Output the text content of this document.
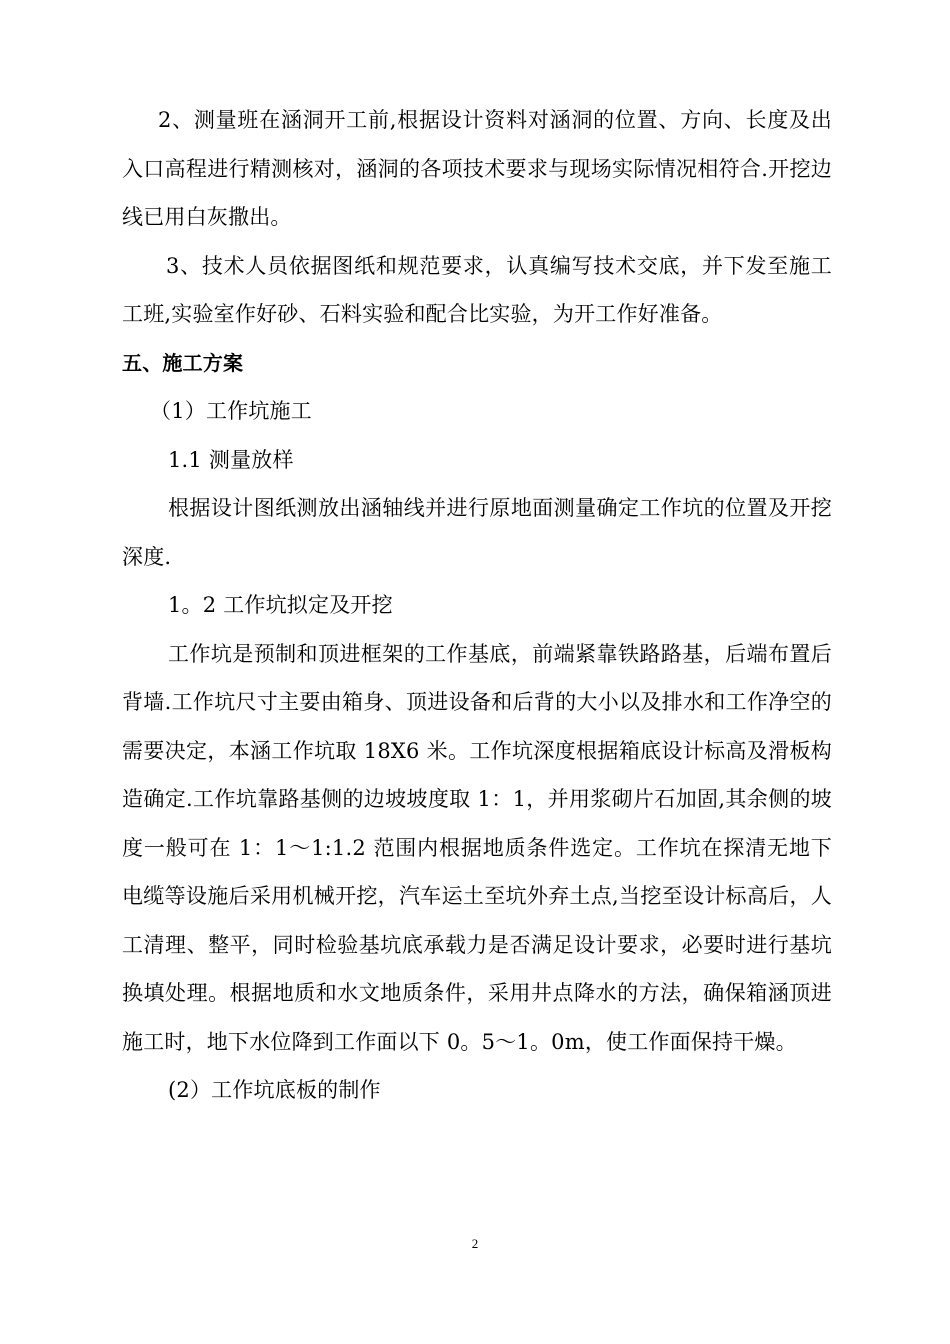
2、测量班在涵洞开工前,根据设计资料对涵洞的位置、方向、长度及出入口高程进行精测核对，涵洞的各项技术要求与现场实际情况相符合.开挖边线已用白灰撒出。

3、技术人员依据图纸和规范要求，认真编写技术交底，并下发至施工工班,实验室作好砂、石料实验和配合比实验，为开工作好准备。

五、施工方案

（1）工作坑施工

1.1 测量放样

根据设计图纸测放出涵轴线并进行原地面测量确定工作坑的位置及开挖深度.

1。2 工作坑拟定及开挖

工作坑是预制和顶进框架的工作基底，前端紧靠铁路路基，后端布置后背墙.工作坑尺寸主要由箱身、顶进设备和后背的大小以及排水和工作净空的需要决定，本涵工作坑取 18X6 米。工作坑深度根据箱底设计标高及滑板构造确定.工作坑靠路基侧的边坡坡度取 1：1，并用浆砌片石加固,其余侧的坡度一般可在 1：1～1:1.2 范围内根据地质条件选定。工作坑在探清无地下电缆等设施后采用机械开挖，汽车运土至坑外弃土点,当挖至设计标高后，人工清理、整平，同时检验基坑底承载力是否满足设计要求，必要时进行基坑换填处理。根据地质和水文地质条件，采用井点降水的方法，确保箱涵顶进施工时，地下水位降到工作面以下 0。5～1。0m，使工作面保持干燥。

(2）工作坑底板的制作

2
